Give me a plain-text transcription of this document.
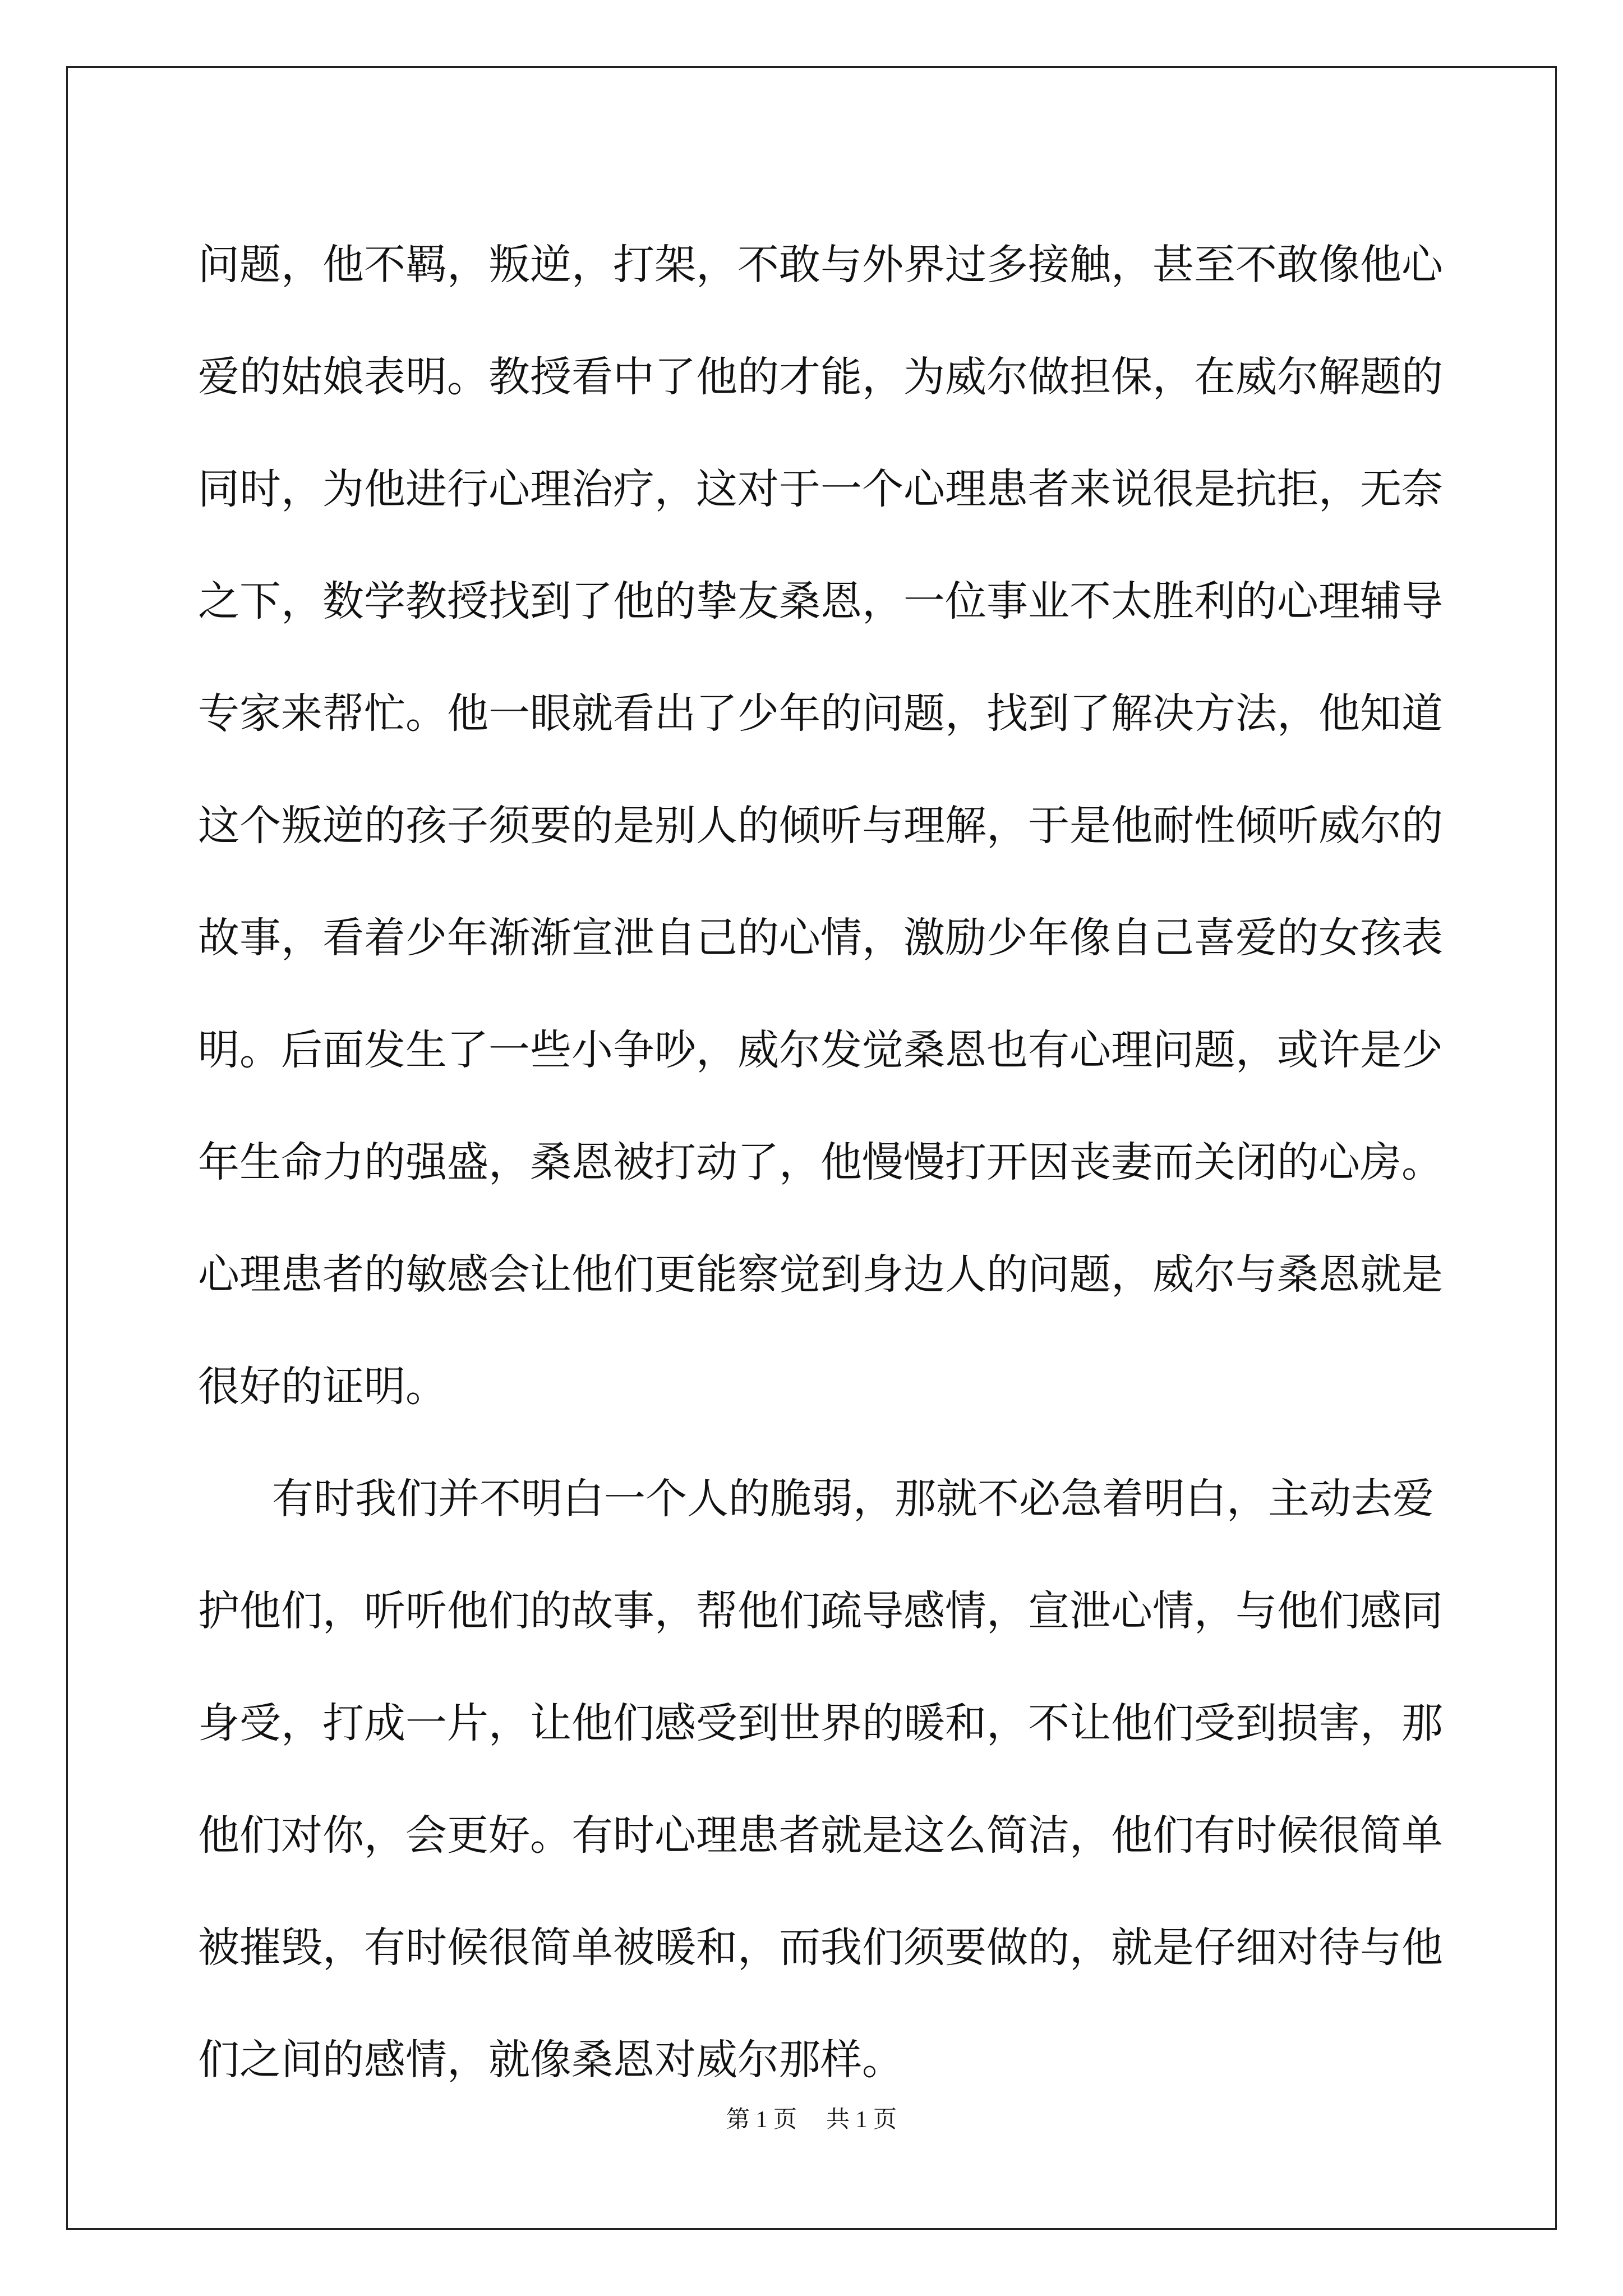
问题，他不羁，叛逆，打架，不敢与外界过多接触，甚至不敢像他心
爱的姑娘表明。教授看中了他的才能，为威尔做担保，在威尔解题的
同时，为他进行心理治疗，这对于一个心理患者来说很是抗拒，无奈
之下，数学教授找到了他的挚友桑恩，一位事业不太胜利的心理辅导
专家来帮忙。他一眼就看出了少年的问题，找到了解决方法，他知道
这个叛逆的孩子须要的是别人的倾听与理解，于是他耐性倾听威尔的
故事，看着少年渐渐宣泄自己的心情，激励少年像自己喜爱的女孩表
明。后面发生了一些小争吵，威尔发觉桑恩也有心理问题，或许是少
年生命力的强盛，桑恩被打动了，他慢慢打开因丧妻而关闭的心房。
心理患者的敏感会让他们更能察觉到身边人的问题，威尔与桑恩就是
很好的证明。
有时我们并不明白一个人的脆弱，那就不必急着明白，主动去爱
护他们，听听他们的故事，帮他们疏导感情，宣泄心情，与他们感同
身受，打成一片，让他们感受到世界的暖和，不让他们受到损害，那
他们对你，会更好。有时心理患者就是这么简洁，他们有时候很简单
被摧毁，有时候很简单被暖和，而我们须要做的，就是仔细对待与他
们之间的感情，就像桑恩对威尔那样。
第 1 页 共 1 页
